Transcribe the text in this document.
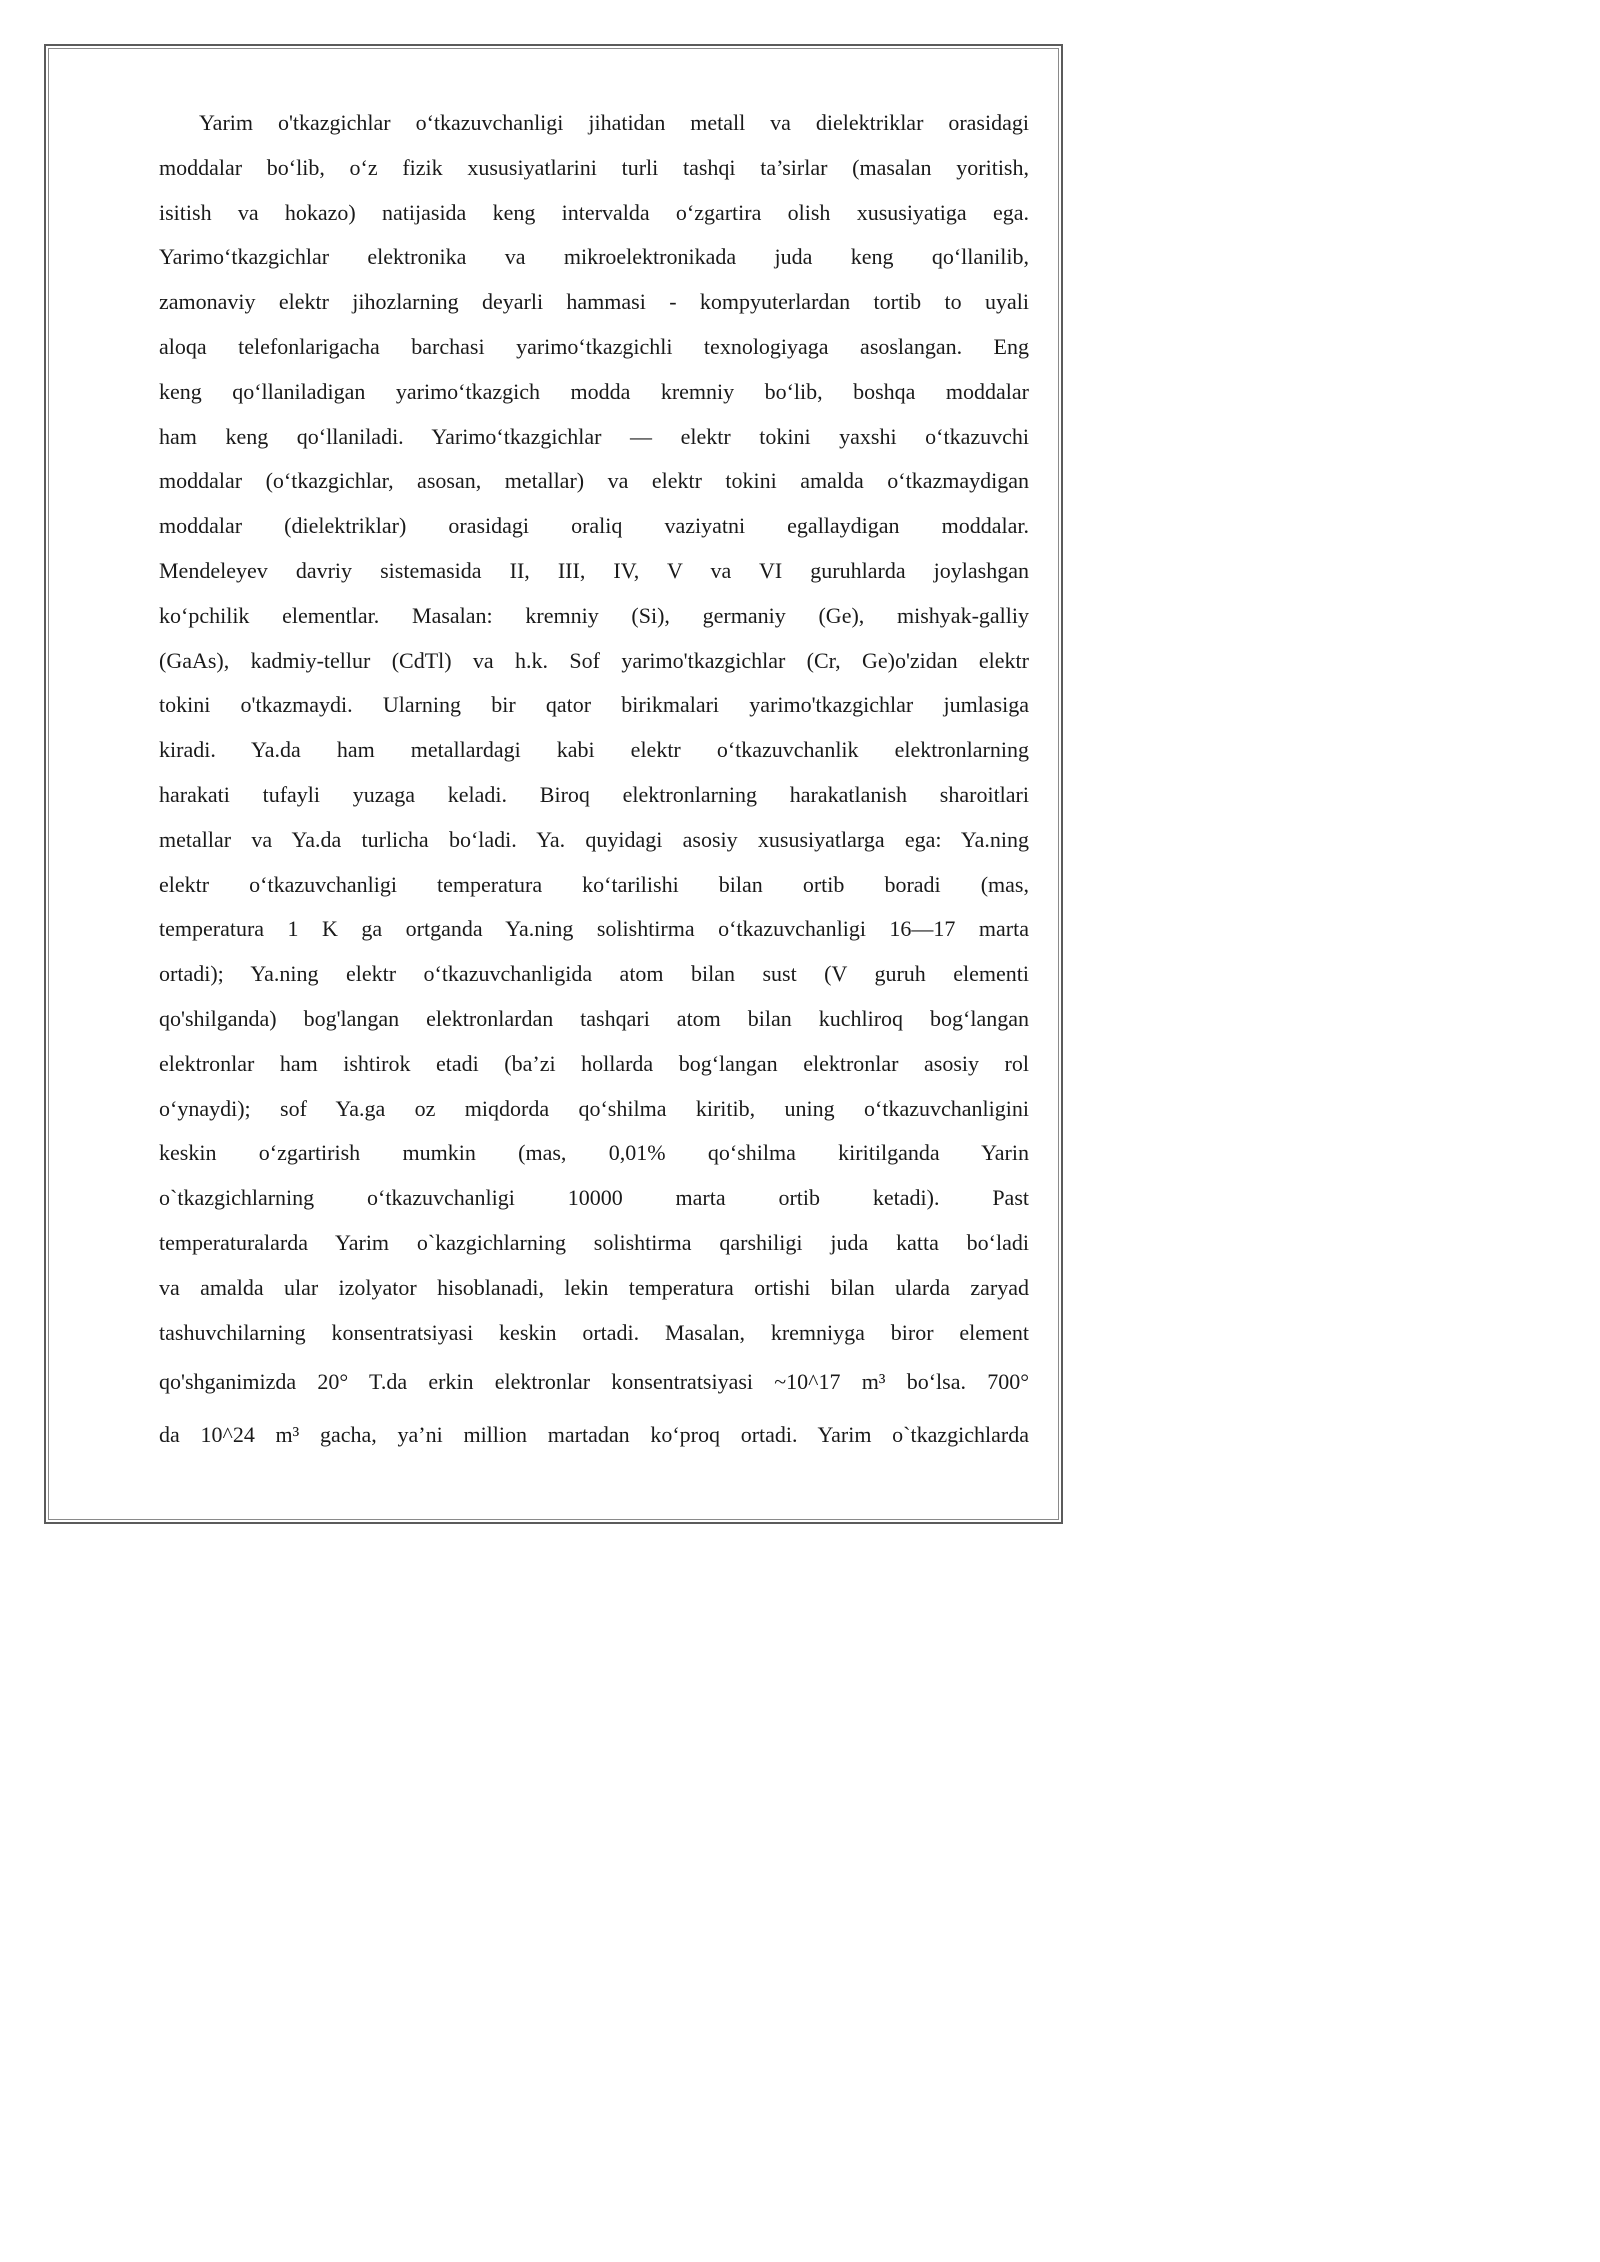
Yarim o'tkazgichlar o‘tkazuvchanligi jihatidan metall va dielektriklar orasidagi
moddalar bo‘lib, o‘z fizik xususiyatlarini turli tashqi ta’sirlar (masalan yoritish,
isitish va hokazo) natijasida keng intervalda o‘zgartira olish xususiyatiga ega.
Yarimo‘tkazgichlar elektronika va mikroelektronikada juda keng qo‘llanilib,
zamonaviy elektr jihozlarning deyarli hammasi - kompyuterlardan tortib to uyali
aloqa telefonlarigacha barchasi yarimo‘tkazgichli texnologiyaga asoslangan. Eng
keng qo‘llaniladigan yarimo‘tkazgich modda kremniy bo‘lib, boshqa moddalar
ham keng qo‘llaniladi. Yarimo‘tkazgichlar — elektr tokini yaxshi o‘tkazuvchi
moddalar (o‘tkazgichlar, asosan, metallar) va elektr tokini amalda o‘tkazmaydigan
moddalar (dielektriklar) orasidagi oraliq vaziyatni egallaydigan moddalar.
Mendeleyev davriy sistemasida II, III, IV, V va VI guruhlarda joylashgan
ko‘pchilik elementlar. Masalan: kremniy (Si), germaniy (Ge), mishyak-galliy
(GaAs), kadmiy-tellur (CdTl) va h.k. Sof yarimo'tkazgichlar (Cr, Ge)o'zidan elektr
tokini o'tkazmaydi. Ularning bir qator birikmalari yarimo'tkazgichlar jumlasiga
kiradi. Ya.da ham metallardagi kabi elektr o‘tkazuvchanlik elektronlarning
harakati tufayli yuzaga keladi. Biroq elektronlarning harakatlanish sharoitlari
metallar va Ya.da turlicha bo‘ladi. Ya. quyidagi asosiy xususiyatlarga ega: Ya.ning
elektr o‘tkazuvchanligi temperatura ko‘tarilishi bilan ortib boradi (mas,
temperatura 1 K ga ortganda Ya.ning solishtirma o‘tkazuvchanligi 16—17 marta
ortadi); Ya.ning elektr o‘tkazuvchanligida atom bilan sust (V guruh elementi
qo'shilganda) bog'langan elektronlardan tashqari atom bilan kuchliroq bog‘langan
elektronlar ham ishtirok etadi (ba’zi hollarda bog‘langan elektronlar asosiy rol
o‘ynaydi); sof Ya.ga oz miqdorda qo‘shilma kiritib, uning o‘tkazuvchanligini
keskin o‘zgartirish mumkin (mas, 0,01% qo‘shilma kiritilganda Yarin
o`tkazgichlarning o‘tkazuvchanligi 10000 marta ortib ketadi). Past
temperaturalarda Yarim o`kazgichlarning solishtirma qarshiligi juda katta bo‘ladi
va amalda ular izolyator hisoblanadi, lekin temperatura ortishi bilan ularda zaryad
tashuvchilarning konsentratsiyasi keskin ortadi. Masalan, kremniyga biror element
qo'shganimizda 20° T.da erkin elektronlar konsentratsiyasi ~10^17 m³ bo‘lsa. 700°
da 10^24 m³ gacha, ya’ni million martadan ko‘proq ortadi. Yarim o`tkazgichlarda
